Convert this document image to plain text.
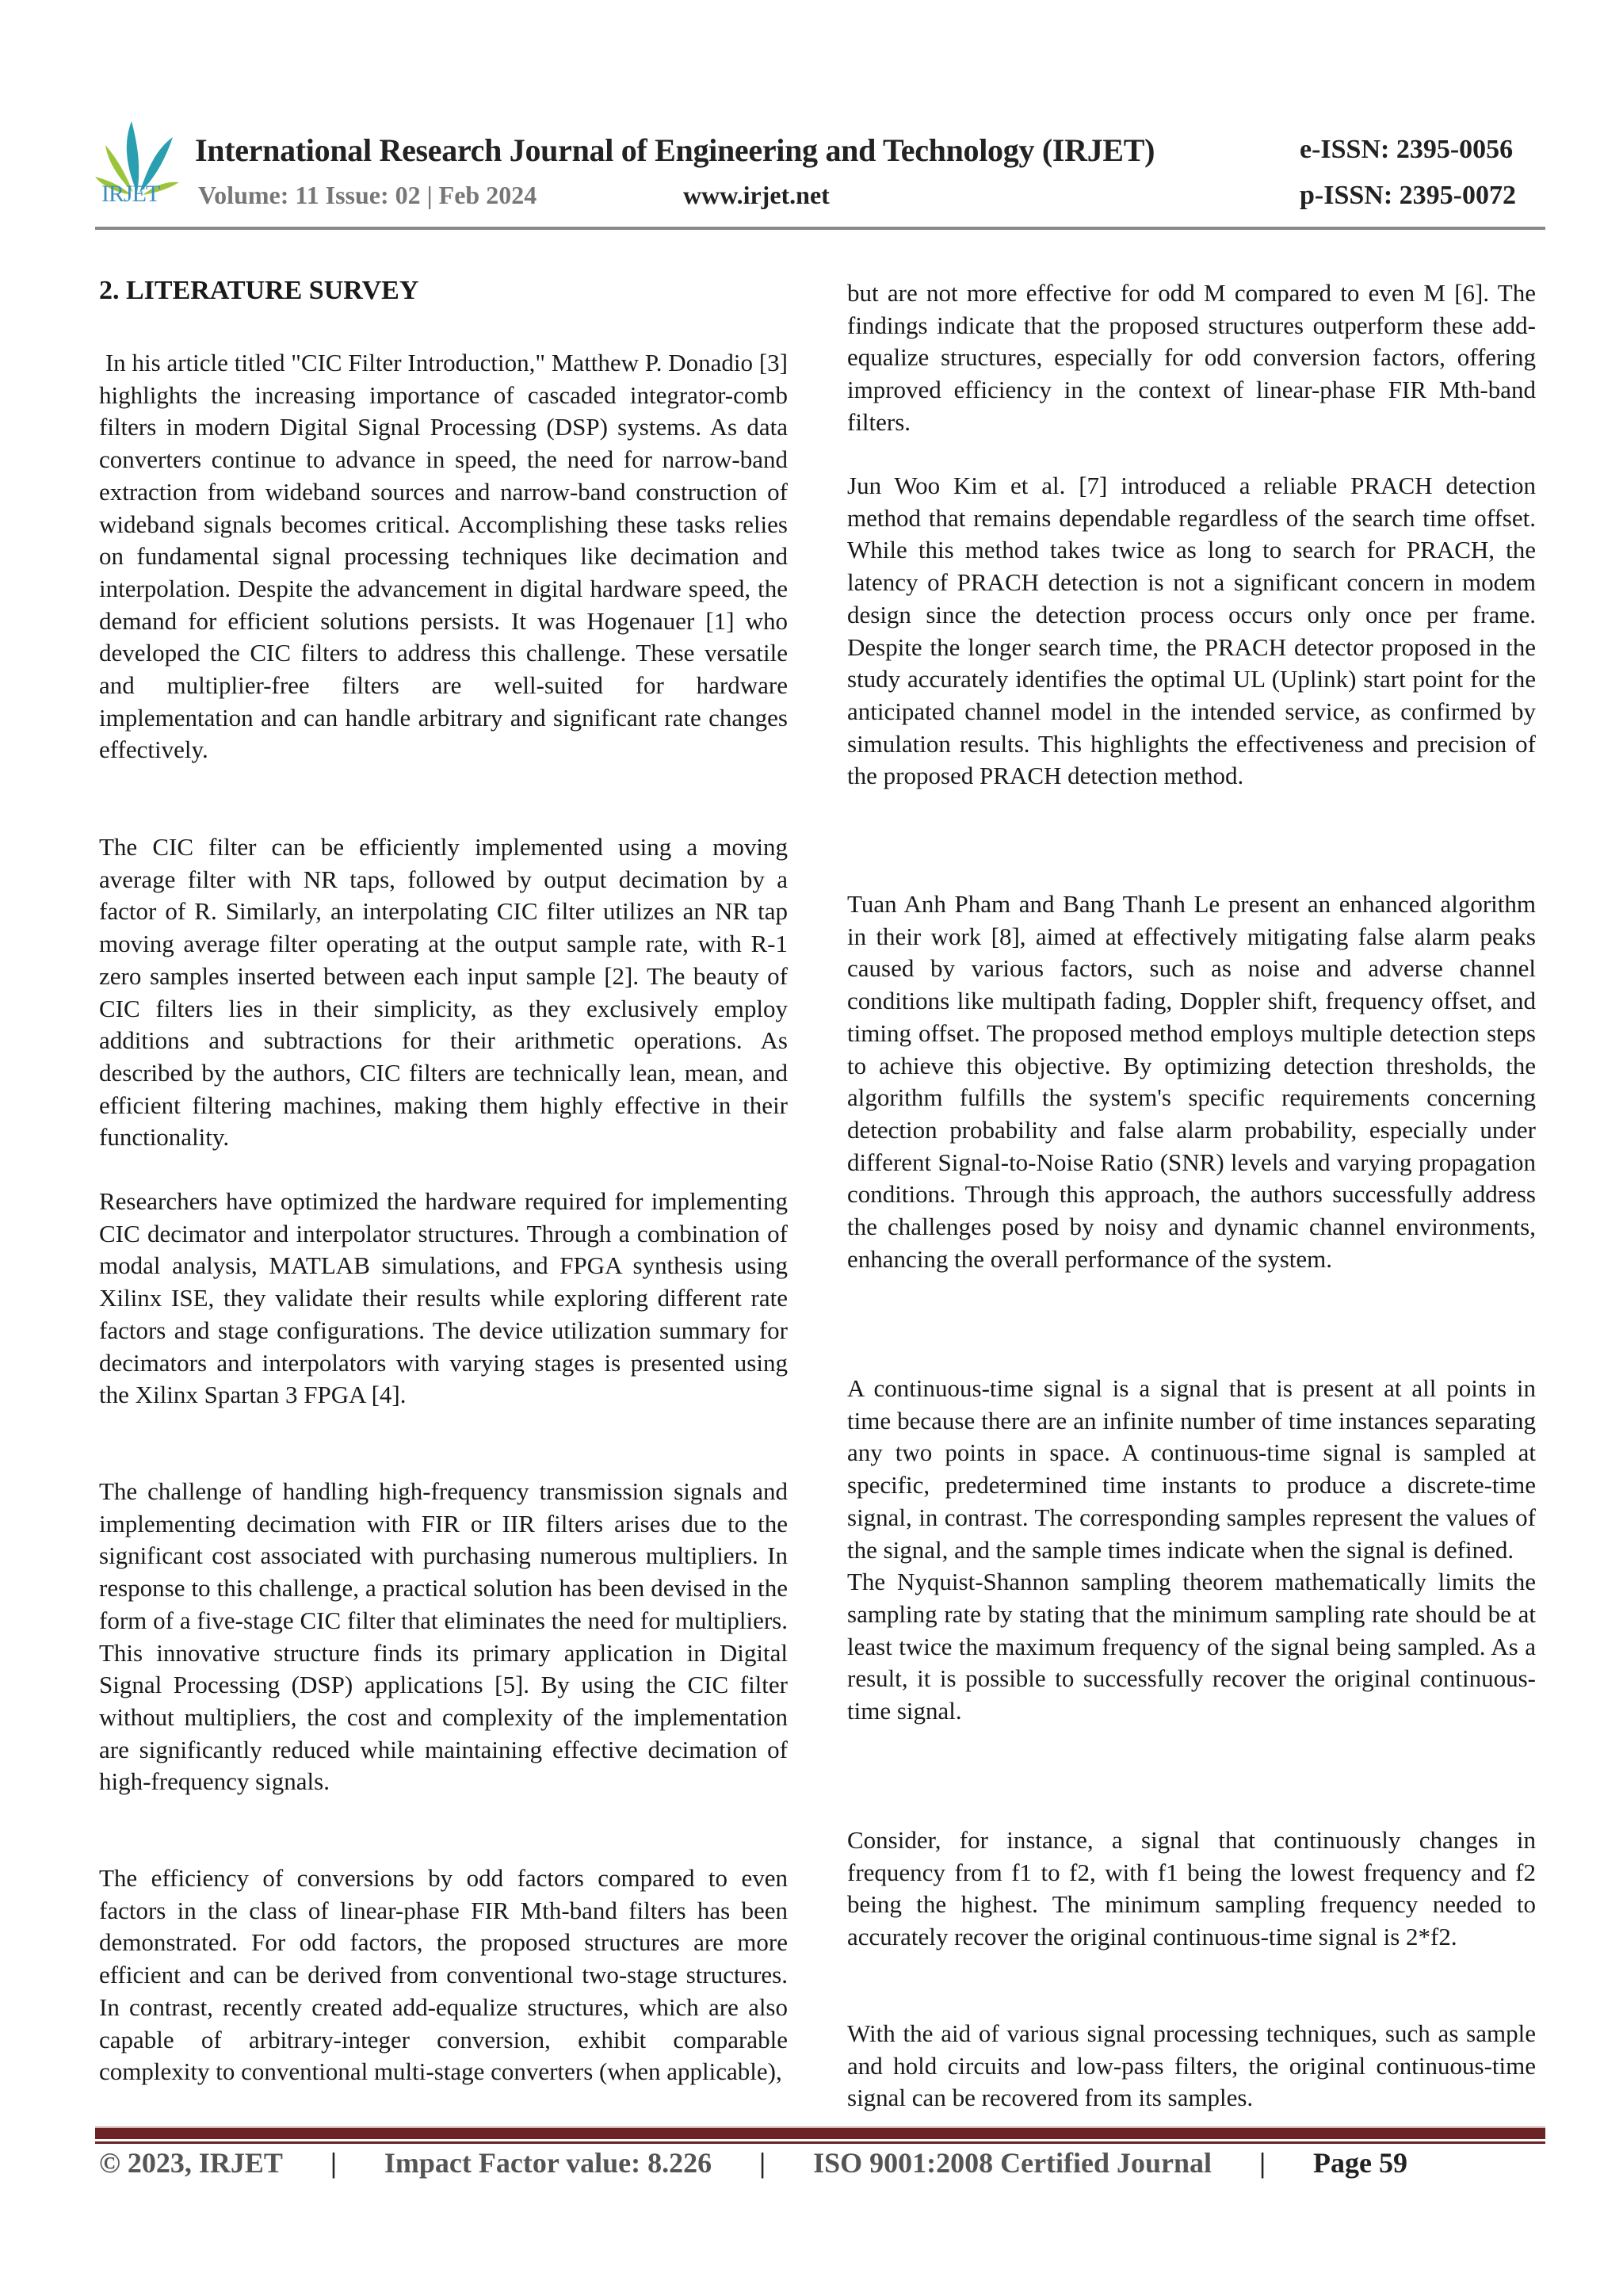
IRJET
International Research Journal of Engineering and Technology (IRJET)	e-ISSN: 2395-0056
Volume: 11 Issue: 02 | Feb 2024	www.irjet.net	p-ISSN: 2395-0072
2. LITERATURE SURVEY

In his article titled "CIC Filter Introduction," Matthew P. Donadio [3] highlights the increasing importance of cascaded integrator-comb filters in modern Digital Signal Processing (DSP) systems. As data converters continue to advance in speed, the need for narrow-band extraction from wideband sources and narrow-band construction of wideband signals becomes critical. Accomplishing these tasks relies on fundamental signal processing techniques like decimation and interpolation. Despite the advancement in digital hardware speed, the demand for efficient solutions persists. It was Hogenauer [1] who developed the CIC filters to address this challenge. These versatile and multiplier-free filters are well-suited for hardware implementation and can handle arbitrary and significant rate changes effectively.

The CIC filter can be efficiently implemented using a moving average filter with NR taps, followed by output decimation by a factor of R. Similarly, an interpolating CIC filter utilizes an NR tap moving average filter operating at the output sample rate, with R-1 zero samples inserted between each input sample [2]. The beauty of CIC filters lies in their simplicity, as they exclusively employ additions and subtractions for their arithmetic operations. As described by the authors, CIC filters are technically lean, mean, and efficient filtering machines, making them highly effective in their functionality.

Researchers have optimized the hardware required for implementing CIC decimator and interpolator structures. Through a combination of modal analysis, MATLAB simulations, and FPGA synthesis using Xilinx ISE, they validate their results while exploring different rate factors and stage configurations. The device utilization summary for decimators and interpolators with varying stages is presented using the Xilinx Spartan 3 FPGA [4].

The challenge of handling high-frequency transmission signals and implementing decimation with FIR or IIR filters arises due to the significant cost associated with purchasing numerous multipliers. In response to this challenge, a practical solution has been devised in the form of a five-stage CIC filter that eliminates the need for multipliers. This innovative structure finds its primary application in Digital Signal Processing (DSP) applications [5]. By using the CIC filter without multipliers, the cost and complexity of the implementation are significantly reduced while maintaining effective decimation of high-frequency signals.

The efficiency of conversions by odd factors compared to even factors in the class of linear-phase FIR Mth-band filters has been demonstrated. For odd factors, the proposed structures are more efficient and can be derived from conventional two-stage structures. In contrast, recently created add-equalize structures, which are also capable of arbitrary-integer conversion, exhibit comparable complexity to conventional multi-stage converters (when applicable),

but are not more effective for odd M compared to even M [6]. The findings indicate that the proposed structures outperform these add-equalize structures, especially for odd conversion factors, offering improved efficiency in the context of linear-phase FIR Mth-band filters.

Jun Woo Kim et al. [7] introduced a reliable PRACH detection method that remains dependable regardless of the search time offset. While this method takes twice as long to search for PRACH, the latency of PRACH detection is not a significant concern in modem design since the detection process occurs only once per frame. Despite the longer search time, the PRACH detector proposed in the study accurately identifies the optimal UL (Uplink) start point for the anticipated channel model in the intended service, as confirmed by simulation results. This highlights the effectiveness and precision of the proposed PRACH detection method.

Tuan Anh Pham and Bang Thanh Le present an enhanced algorithm in their work [8], aimed at effectively mitigating false alarm peaks caused by various factors, such as noise and adverse channel conditions like multipath fading, Doppler shift, frequency offset, and timing offset. The proposed method employs multiple detection steps to achieve this objective. By optimizing detection thresholds, the algorithm fulfills the system's specific requirements concerning detection probability and false alarm probability, especially under different Signal-to-Noise Ratio (SNR) levels and varying propagation conditions. Through this approach, the authors successfully address the challenges posed by noisy and dynamic channel environments, enhancing the overall performance of the system.

A continuous-time signal is a signal that is present at all points in time because there are an infinite number of time instances separating any two points in space. A continuous-time signal is sampled at specific, predetermined time instants to produce a discrete-time signal, in contrast. The corresponding samples represent the values of the signal, and the sample times indicate when the signal is defined.

The Nyquist-Shannon sampling theorem mathematically limits the sampling rate by stating that the minimum sampling rate should be at least twice the maximum frequency of the signal being sampled. As a result, it is possible to successfully recover the original continuous-time signal.

Consider, for instance, a signal that continuously changes in frequency from f1 to f2, with f1 being the lowest frequency and f2 being the highest. The minimum sampling frequency needed to accurately recover the original continuous-time signal is 2*f2.

With the aid of various signal processing techniques, such as sample and hold circuits and low-pass filters, the original continuous-time signal can be recovered from its samples.

© 2023, IRJET | Impact Factor value: 8.226 | ISO 9001:2008 Certified Journal | Page 59
